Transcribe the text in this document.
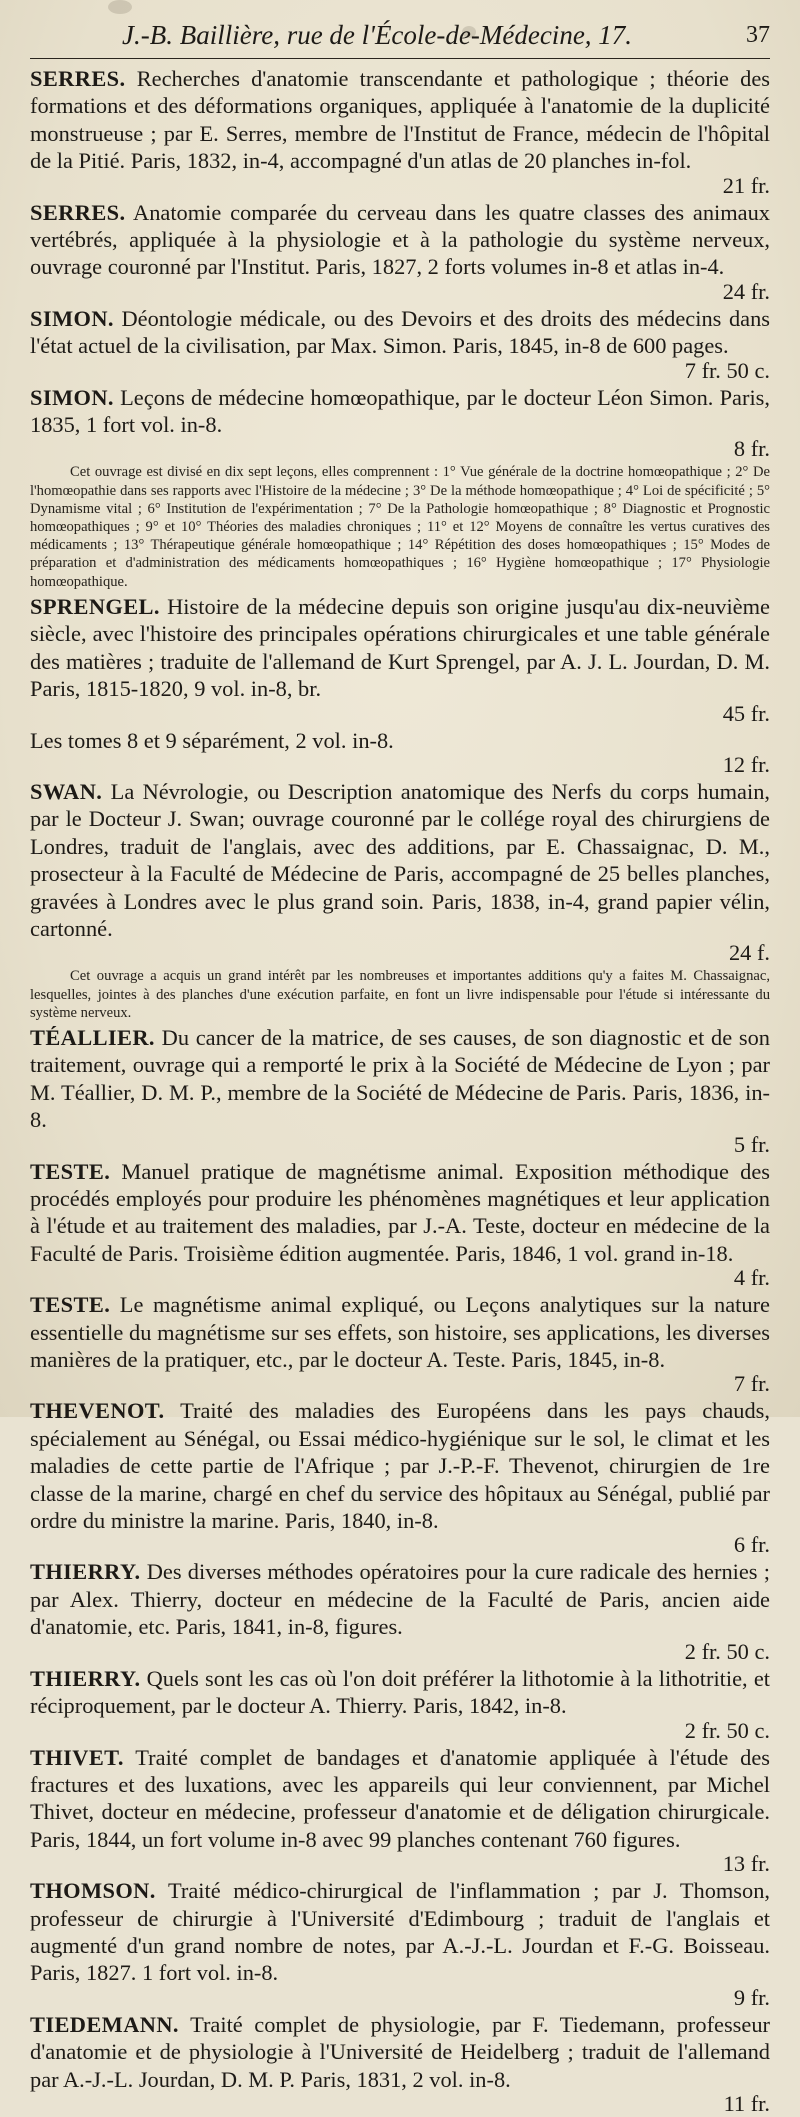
J.-B. Baillière, rue de l'École-de-Médecine, 17.	37

SERRES. Recherches d'anatomie transcendante et pathologique ; théorie des formations et des déformations organiques, appliquée à l'anatomie de la duplicité monstrueuse ; par E. Serres, membre de l'Institut de France, médecin de l'hôpital de la Pitié. Paris, 1832, in-4, accompagné d'un atlas de 20 planches in-fol.

21 fr.

SERRES. Anatomie comparée du cerveau dans les quatre classes des animaux vertébrés, appliquée à la physiologie et à la pathologie du système nerveux, ouvrage couronné par l'Institut. Paris, 1827, 2 forts volumes in-8 et atlas in-4.

24 fr.

SIMON. Déontologie médicale, ou des Devoirs et des droits des médecins dans l'état actuel de la civilisation, par Max. Simon. Paris, 1845, in-8 de 600 pages.

7 fr. 50 c.

SIMON. Leçons de médecine homœopathique, par le docteur Léon Simon. Paris, 1835, 1 fort vol. in-8.

8 fr.

Cet ouvrage est divisé en dix sept leçons, elles comprennent : 1° Vue générale de la doctrine homœopathique ; 2° De l'homœopathie dans ses rapports avec l'Histoire de la médecine ; 3° De la méthode homœopathique ; 4° Loi de spécificité ; 5° Dynamisme vital ; 6° Institution de l'expérimentation ; 7° De la Pathologie homœopathique ; 8° Diagnostic et Prognostic homœopathiques ; 9° et 10° Théories des maladies chroniques ; 11° et 12° Moyens de connaître les vertus curatives des médicaments ; 13° Thérapeutique générale homœopathique ; 14° Répétition des doses homœopathiques ; 15° Modes de préparation et d'administration des médicaments homœopathiques ; 16° Hygiène homœopathique ; 17° Physiologie homœopathique.

SPRENGEL. Histoire de la médecine depuis son origine jusqu'au dix-neuvième siècle, avec l'histoire des principales opérations chirurgicales et une table générale des matières ; traduite de l'allemand de Kurt Sprengel, par A. J. L. Jourdan, D. M. Paris, 1815-1820, 9 vol. in-8, br.

45 fr.

Les tomes 8 et 9 séparément, 2 vol. in-8.

12 fr.

SWAN. La Névrologie, ou Description anatomique des Nerfs du corps humain, par le Docteur J. Swan; ouvrage couronné par le collége royal des chirurgiens de Londres, traduit de l'anglais, avec des additions, par E. Chassaignac, D. M., prosecteur à la Faculté de Médecine de Paris, accompagné de 25 belles planches, gravées à Londres avec le plus grand soin. Paris, 1838, in-4, grand papier vélin, cartonné.

24 f.

Cet ouvrage a acquis un grand intérêt par les nombreuses et importantes additions qu'y a faites M. Chassaignac, lesquelles, jointes à des planches d'une exécution parfaite, en font un livre indispensable pour l'étude si intéressante du système nerveux.

TÉALLIER. Du cancer de la matrice, de ses causes, de son diagnostic et de son traitement, ouvrage qui a remporté le prix à la Société de Médecine de Lyon ; par M. Téallier, D. M. P., membre de la Société de Médecine de Paris. Paris, 1836, in-8.

5 fr.

TESTE. Manuel pratique de magnétisme animal. Exposition méthodique des procédés employés pour produire les phénomènes magnétiques et leur application à l'étude et au traitement des maladies, par J.-A. Teste, docteur en médecine de la Faculté de Paris. Troisième édition augmentée. Paris, 1846, 1 vol. grand in-18.

4 fr.

TESTE. Le magnétisme animal expliqué, ou Leçons analytiques sur la nature essentielle du magnétisme sur ses effets, son histoire, ses applications, les diverses manières de la pratiquer, etc., par le docteur A. Teste. Paris, 1845, in-8.

7 fr.

THEVENOT. Traité des maladies des Européens dans les pays chauds, spécialement au Sénégal, ou Essai médico-hygiénique sur le sol, le climat et les maladies de cette partie de l'Afrique ; par J.-P.-F. Thevenot, chirurgien de 1re classe de la marine, chargé en chef du service des hôpitaux au Sénégal, publié par ordre du ministre la marine. Paris, 1840, in-8.

6 fr.

THIERRY. Des diverses méthodes opératoires pour la cure radicale des hernies ; par Alex. Thierry, docteur en médecine de la Faculté de Paris, ancien aide d'anatomie, etc. Paris, 1841, in-8, figures.

2 fr. 50 c.

THIERRY. Quels sont les cas où l'on doit préférer la lithotomie à la lithotritie, et réciproquement, par le docteur A. Thierry. Paris, 1842, in-8.

2 fr. 50 c.

THIVET. Traité complet de bandages et d'anatomie appliquée à l'étude des fractures et des luxations, avec les appareils qui leur conviennent, par Michel Thivet, docteur en médecine, professeur d'anatomie et de déligation chirurgicale. Paris, 1844, un fort volume in-8 avec 99 planches contenant 760 figures.

13 fr.

THOMSON. Traité médico-chirurgical de l'inflammation ; par J. Thomson, professeur de chirurgie à l'Université d'Edimbourg ; traduit de l'anglais et augmenté d'un grand nombre de notes, par A.-J.-L. Jourdan et F.-G. Boisseau. Paris, 1827. 1 fort vol. in-8.

9 fr.

TIEDEMANN. Traité complet de physiologie, par F. Tiedemann, professeur d'anatomie et de physiologie à l'Université de Heidelberg ; traduit de l'allemand par A.-J.-L. Jourdan, D. M. P. Paris, 1831, 2 vol. in-8.

11 fr.
